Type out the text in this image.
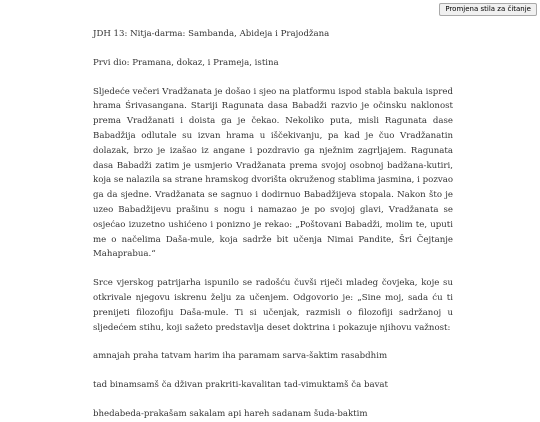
Promjena stila za čitanje

JDH 13: Nitja-darma: Sambanda, Abideja i Prajodžana

Prvi dio: Pramana, dokaz, i Prameja, istina

Sljedeće večeri Vradžanata je došao i sjeo na platformu ispod stabla bakula ispred hrama Śrivasangana. Stariji Ragunata dasa Babadži razvio je očinsku naklonost prema Vradžanati i doista ga je čekao. Nekoliko puta, misli Ragunata dase Babadžija odlutale su izvan hrama u iščekivanju, pa kad je čuo Vradžanatin dolazak, brzo je izašao iz angane i pozdravio ga nježnim zagrljajem. Ragunata dasa Babadži zatim je usmjerio Vradžanata prema svojoj osobnoj badžana-kutiri, koja se nalazila sa strane hramskog dvorišta okruženog stablima jasmina, i pozvao ga da sjedne. Vradžanata se sagnuo i dodirnuo Babadžijeva stopala. Nakon što je uzeo Babadžijevu prašinu s nogu i namazao je po svojoj glavi, Vradžanata se osjećao izuzetno ushićeno i ponizno je rekao: „Poštovani Babadži, molim te, uputi me o načelima Daša-mule, koja sadrže bit učenja Nimai Pandite, Šri Čejtanje Mahaprabua.“

Srce vjerskog patrijarha ispunilo se radošću čuvši riječi mladeg čovjeka, koje su otkrivale njegovu iskrenu želju za učenjem. Odgovorio je: „Sine moj, sada ću ti prenijeti filozofiju Daša-mule. Ti si učenjak, razmisli o filozofiji sadržanoj u sljedećem stihu, koji sažeto predstavlja deset doktrina i pokazuje njihovu važnost:

amnajah praha tatvam harim iha paramam sarva-šaktim rasabdhim

tad binamsamš ča dživan prakriti-kavalitan tad-vimuktamš ča bavat

bhedabeda-prakašam sakalam api hareh sadanam šuda-baktim
